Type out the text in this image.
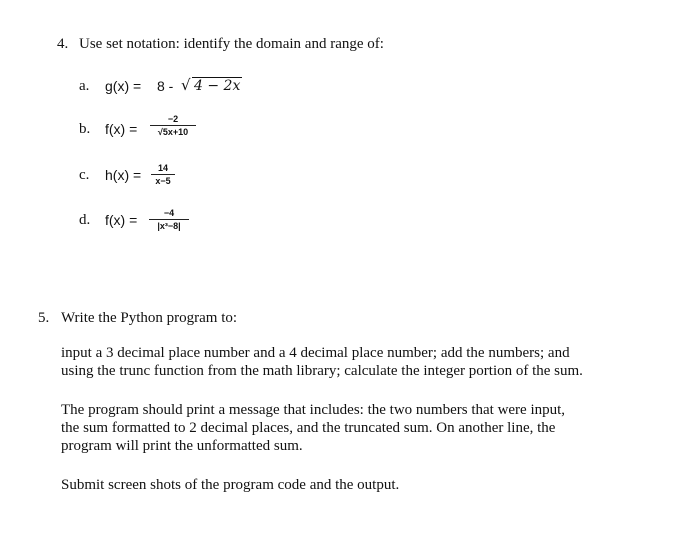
4. Use set notation: identify the domain and range of:
a. g(x) = 8 - √ 4 − 2x
b. f(x) =
−2
√5x+10
c. h(x) =	14
x−5
d. f(x) =	−4
|x³−8|
5. Write the Python program to:
input a 3 decimal place number and a 4 decimal place number; add the numbers; and
using the trunc function from the math library; calculate the integer portion of the sum.
The program should print a message that includes: the two numbers that were input,
the sum formatted to 2 decimal places, and the truncated sum. On another line, the
program will print the unformatted sum.
Submit screen shots of the program code and the output.
